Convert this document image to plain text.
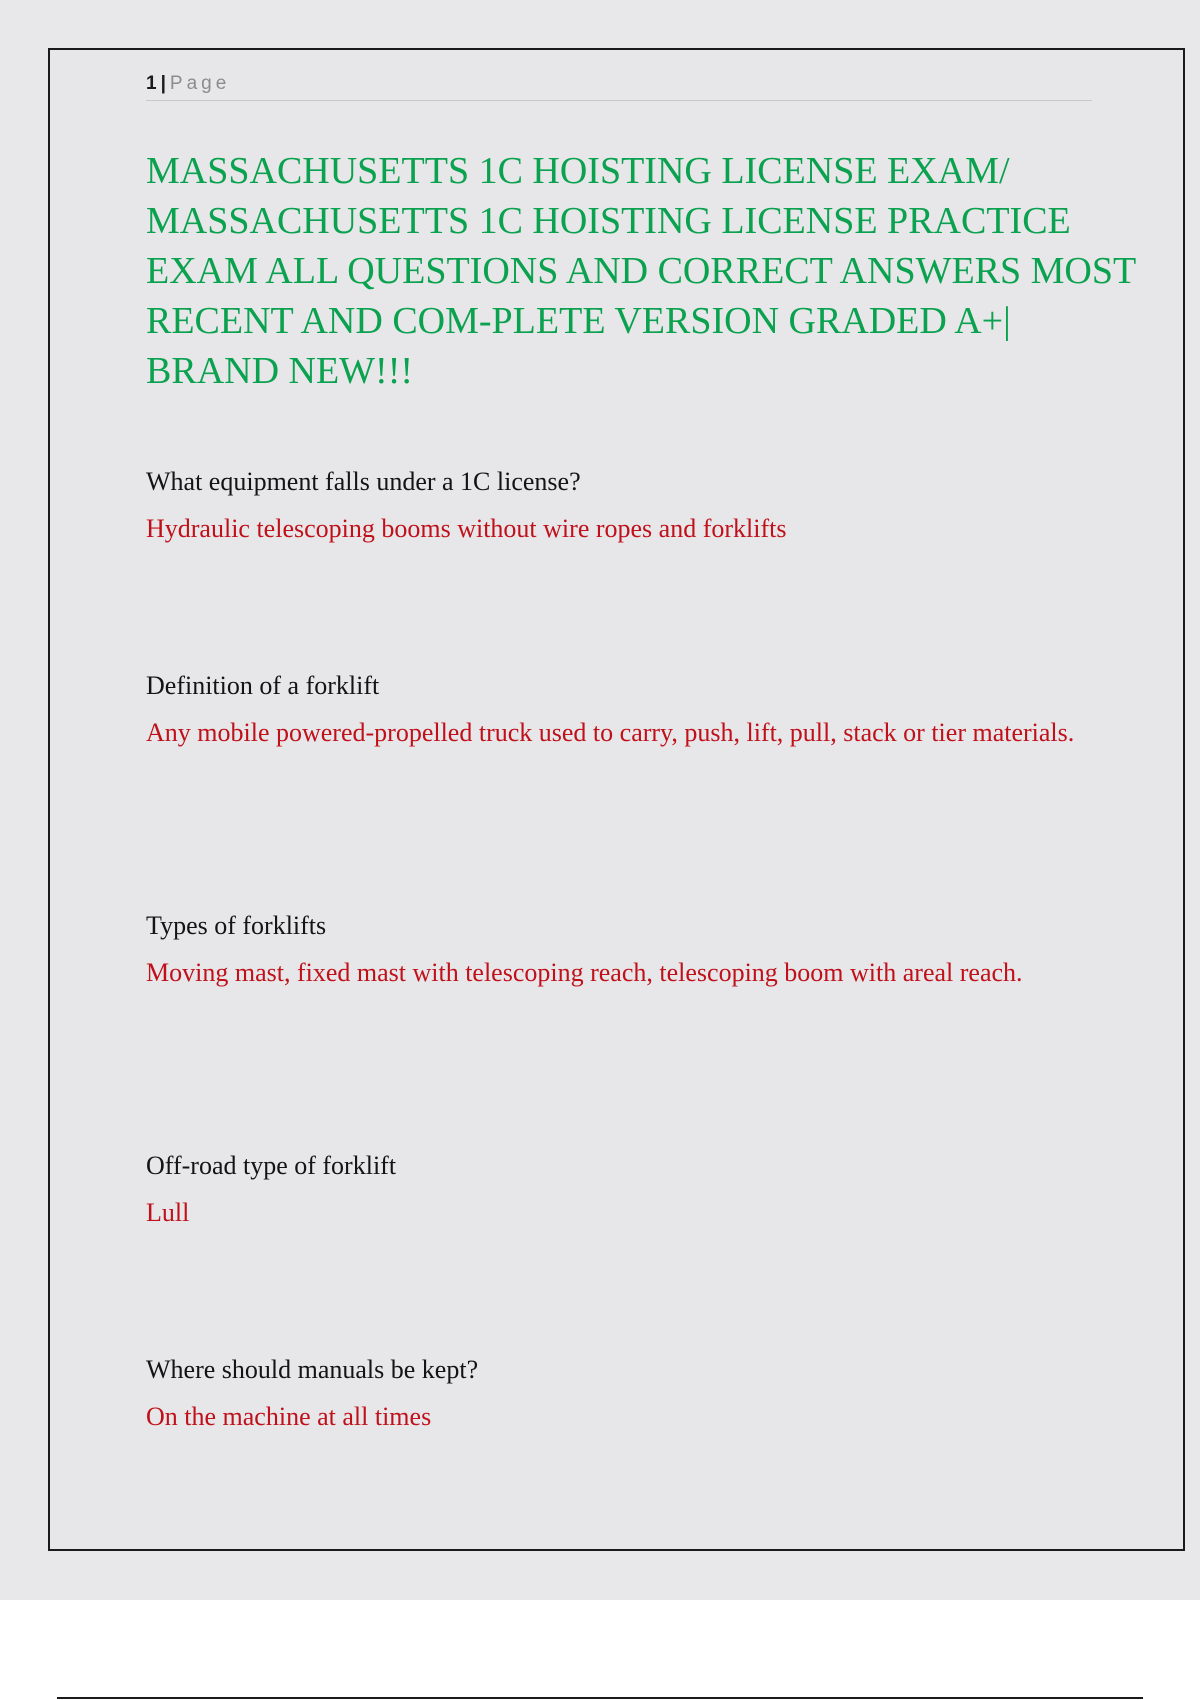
1 | Page
MASSACHUSETTS 1C HOISTING LICENSE EXAM/ MASSACHUSETTS 1C HOISTING LICENSE PRACTICE EXAM ALL QUESTIONS AND CORRECT ANSWERS MOST RECENT AND COM-PLETE VERSION GRADED A+| BRAND NEW!!!

What equipment falls under a 1C license?

Hydraulic telescoping booms without wire ropes and forklifts

Definition of a forklift

Any mobile powered-propelled truck used to carry, push, lift, pull, stack or tier materials.

Types of forklifts

Moving mast, fixed mast with telescoping reach, telescoping boom with areal reach.

Off-road type of forklift

Lull

Where should manuals be kept?

On the machine at all times
